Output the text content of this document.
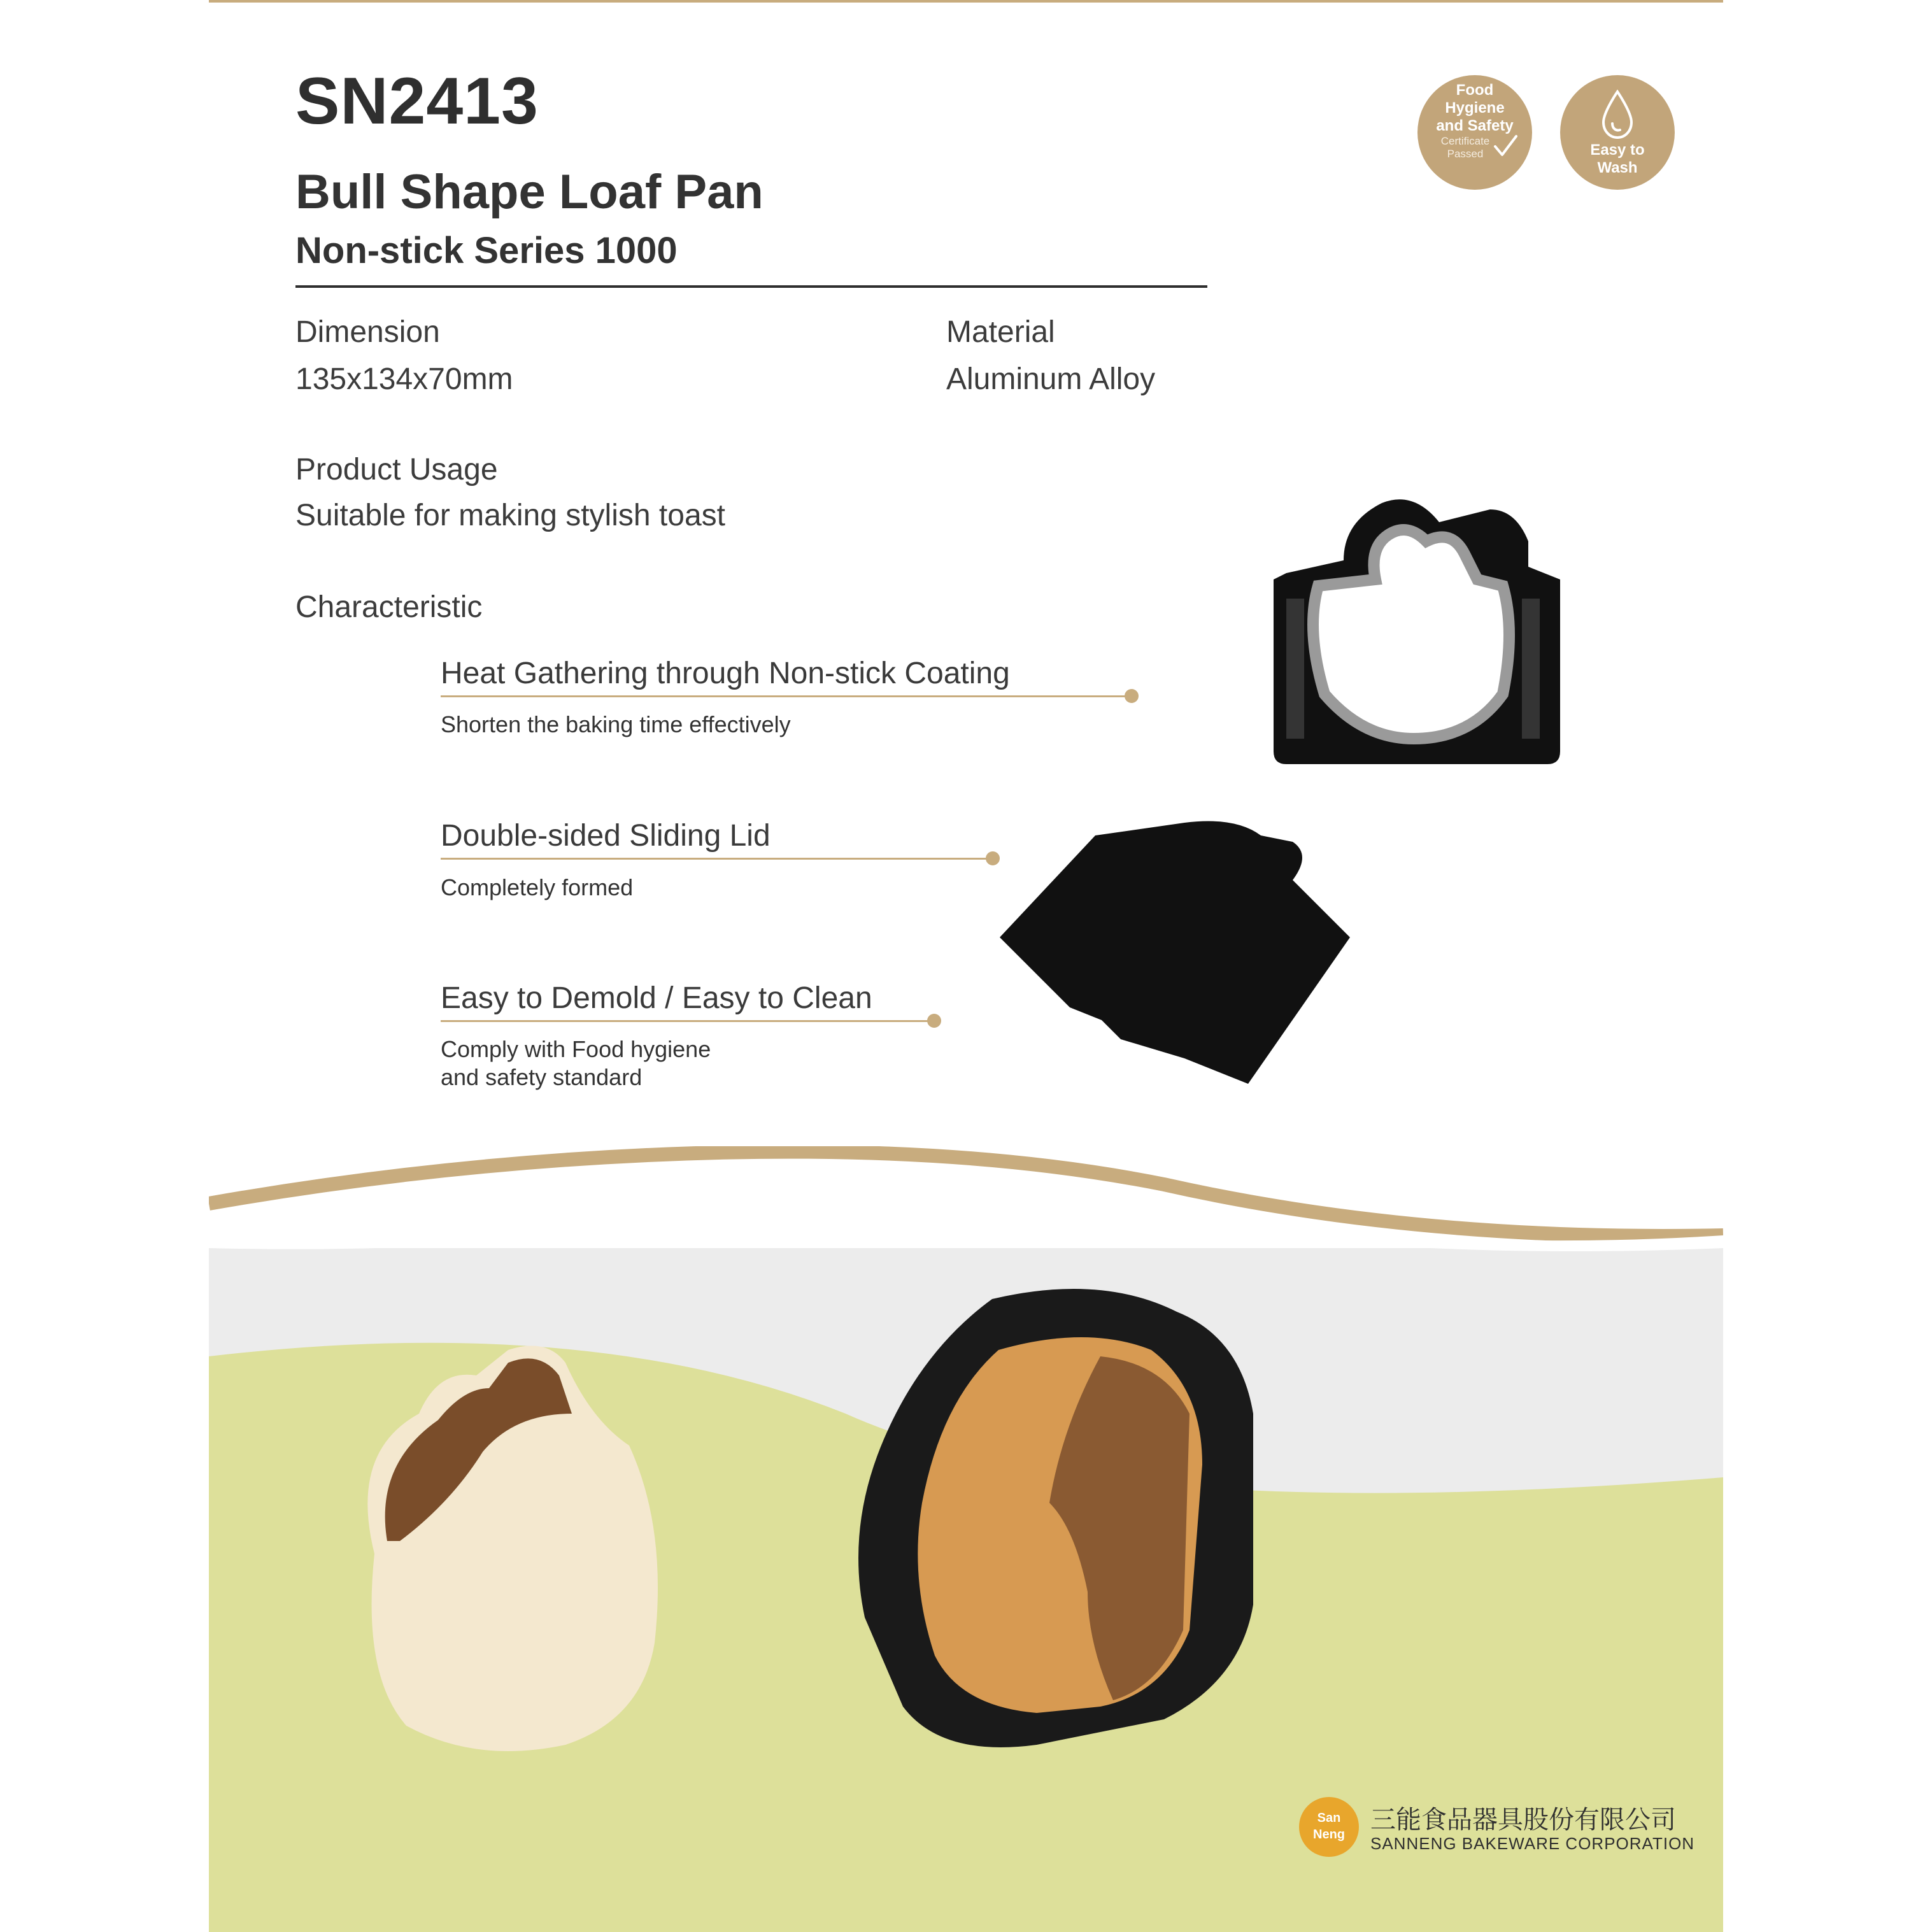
SN2413
Bull Shape Loaf Pan
Non-stick Series 1000
Food
Hygiene
and Safety
Certificate
Passed	Easy to
Wash
Dimension
135x134x70mm
Material
Aluminum Alloy
Product Usage
Suitable for making stylish toast
Characteristic
Heat Gathering through Non-stick Coating
Shorten the baking time effectively
Double-sided Sliding Lid
Completely formed
Easy to Demold / Easy to Clean
Comply with Food hygiene
and safety standard
San
Neng	三能食品器具股份有限公司
SANNENG BAKEWARE CORPORATION
